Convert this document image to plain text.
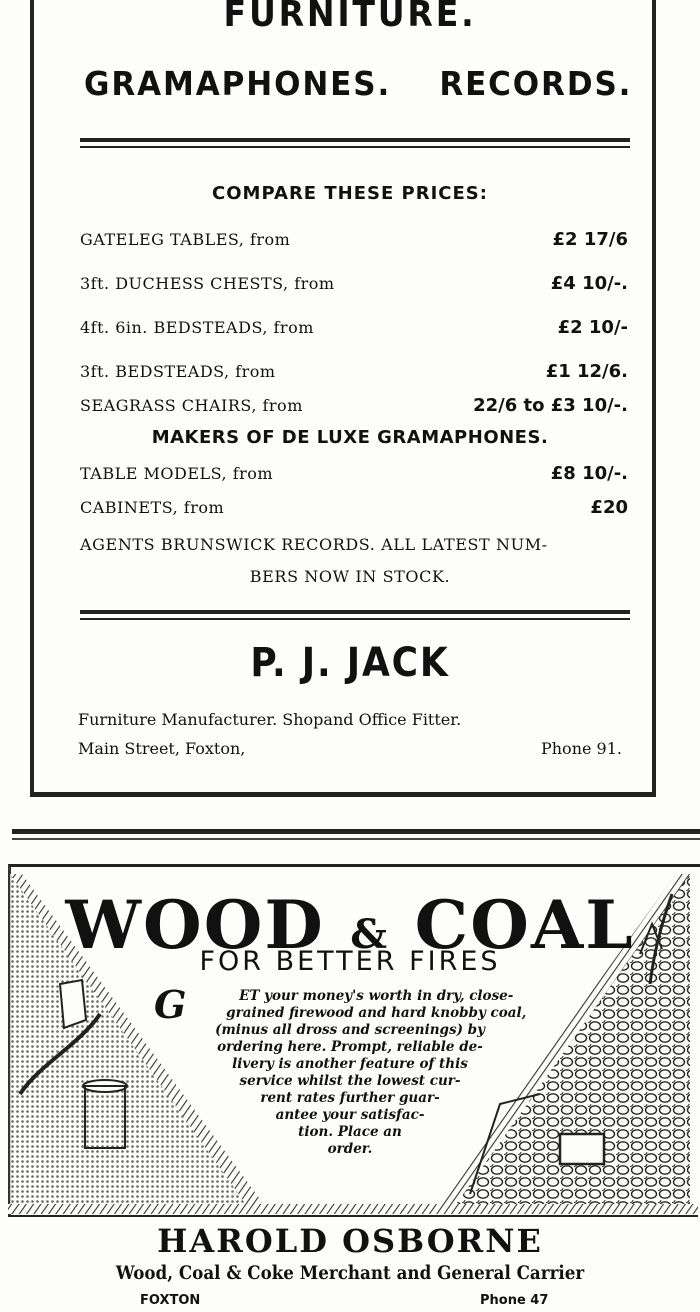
FURNITURE.
GRAMAPHONES. RECORDS.
COMPARE THESE PRICES:
GATELEG TABLES, from	£2 17/6
3ft. DUCHESS CHESTS, from	£4 10/-.
4ft. 6in. BEDSTEADS, from	£2 10/-
3ft. BEDSTEADS, from	£1 12/6.
SEAGRASS CHAIRS, from	22/6 to £3 10/-.
MAKERS OF DE LUXE GRAMAPHONES.
TABLE MODELS, from	£8 10/-.
CABINETS, from	£20
AGENTS BRUNSWICK RECORDS. ALL LATEST NUM-
BERS NOW IN STOCK.
P. J. JACK
Furniture Manufacturer. Shopand Office Fitter.
Main Street, Foxton,	Phone 91.
WOOD & COAL
FOR BETTER FIRES
G	ET your money's worth in dry, close-

grained firewood and hard knobby coal,

(minus all dross and screenings) by

ordering here. Prompt, reliable de-

livery is another feature of this

service whilst the lowest cur-

rent rates further guar-

antee your satisfac-

tion. Place an

order.

HAROLD OSBORNE
Wood, Coal & Coke Merchant and General Carrier
FOXTON	Phone 47
